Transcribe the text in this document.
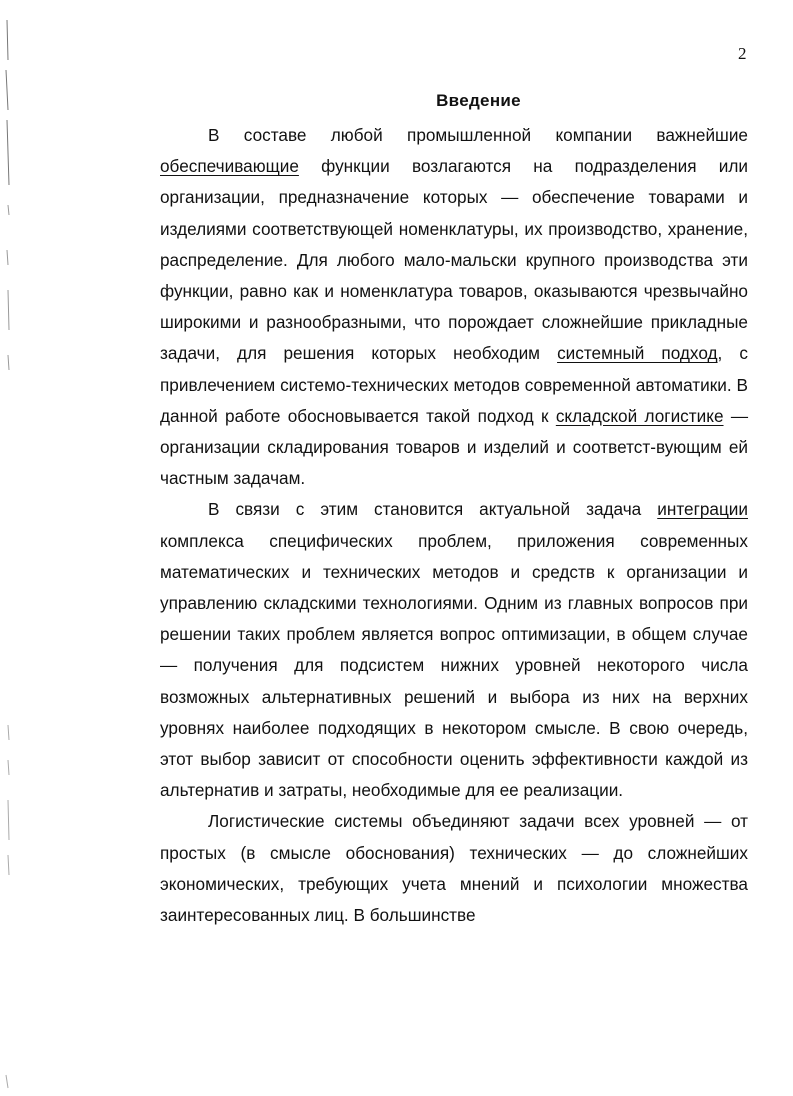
2
Введение

В составе любой промышленной компании важнейшие обеспечивающие функции возлагаются на подразделения или организации, предназначение которых — обеспечение товарами и изделиями соответствующей номенклатуры, их производство, хранение, распределение. Для любого мало-мальски крупного производства эти функции, равно как и номенклатура товаров, оказываются чрезвычайно широкими и разнообразными, что порождает сложнейшие прикладные задачи, для решения которых необходим системный подход, с привлечением системо-технических методов современной автоматики. В данной работе обосновывается такой подход к складской логистике — организации складирования товаров и изделий и соответст-вующим ей частным задачам.

В связи с этим становится актуальной задача интеграции комплекса специфических проблем, приложения современных математических и технических методов и средств к организации и управлению складскими технологиями. Одним из главных вопросов при решении таких проблем является вопрос оптимизации, в общем случае — получения для подсистем нижних уровней некоторого числа возможных альтернативных решений и выбора из них на верхних уровнях наиболее подходящих в некотором смысле. В свою очередь, этот выбор зависит от способности оценить эффективности каждой из альтернатив и затраты, необходимые для ее реализации.

Логистические системы объединяют задачи всех уровней — от простых (в смысле обоснования) технических — до сложнейших экономических, требующих учета мнений и психологии множества заинтересованных лиц. В большинстве
